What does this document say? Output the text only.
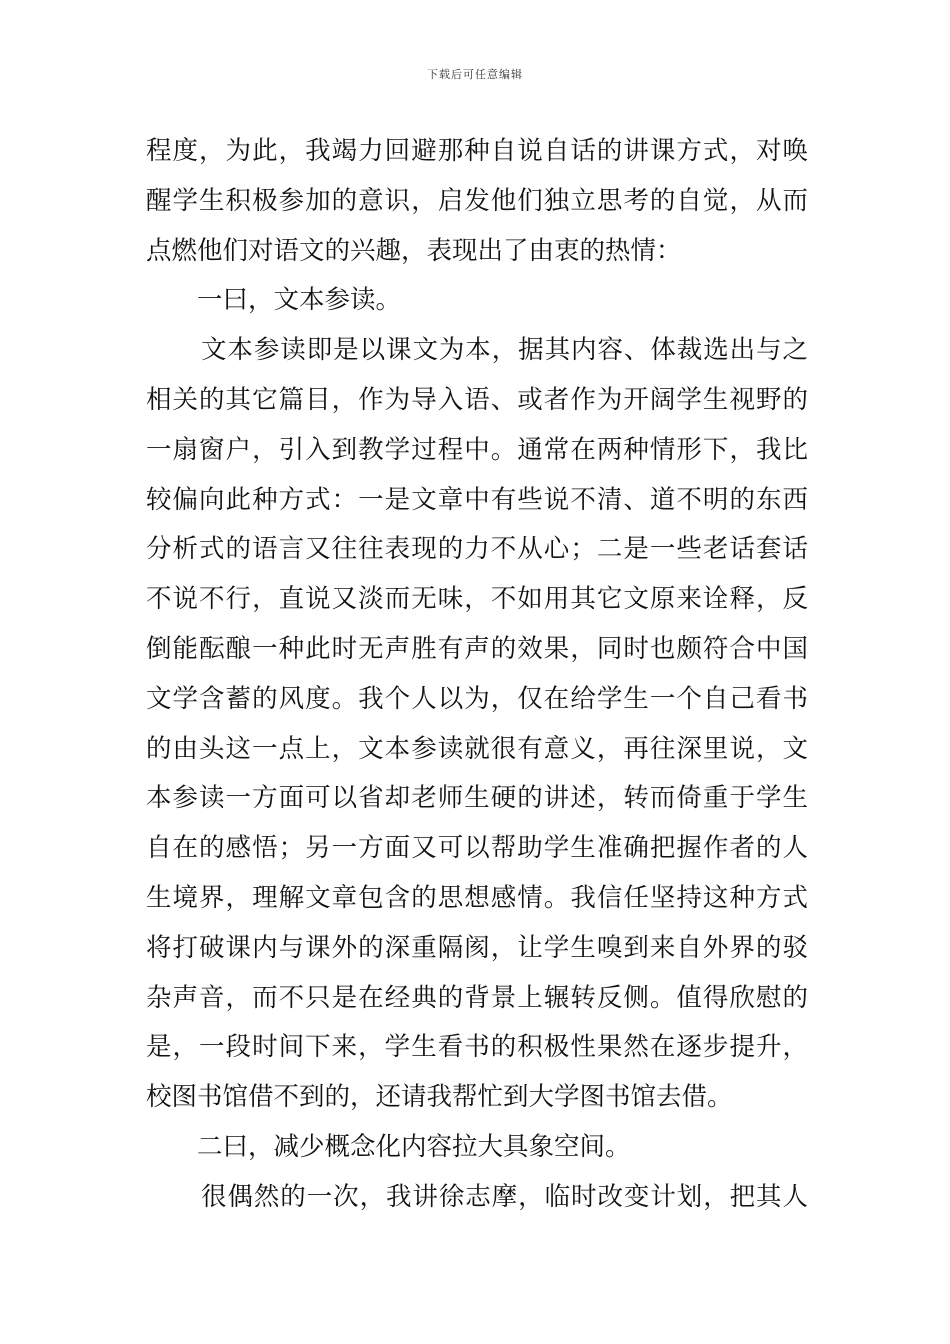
下载后可任意编辑
程度，为此，我竭力回避那种自说自话的讲课方式，对唤
醒学生积极参加的意识，启发他们独立思考的自觉，从而
点燃他们对语文的兴趣，表现出了由衷的热情：
一曰，文本参读。
文本参读即是以课文为本，据其内容、体裁选出与之
相关的其它篇目，作为导入语、或者作为开阔学生视野的
一扇窗户，引入到教学过程中。通常在两种情形下，我比
较偏向此种方式：一是文章中有些说不清、道不明的东西
分析式的语言又往往表现的力不从心；二是一些老话套话
不说不行，直说又淡而无味，不如用其它文原来诠释，反
倒能酝酿一种此时无声胜有声的效果，同时也颇符合中国
文学含蓄的风度。我个人以为，仅在给学生一个自己看书
的由头这一点上，文本参读就很有意义，再往深里说，文
本参读一方面可以省却老师生硬的讲述，转而倚重于学生
自在的感悟；另一方面又可以帮助学生准确把握作者的人
生境界，理解文章包含的思想感情。我信任坚持这种方式
将打破课内与课外的深重隔阂，让学生嗅到来自外界的驳
杂声音，而不只是在经典的背景上辗转反侧。值得欣慰的
是，一段时间下来，学生看书的积极性果然在逐步提升，
校图书馆借不到的，还请我帮忙到大学图书馆去借。
二曰，减少概念化内容拉大具象空间。
很偶然的一次，我讲徐志摩，临时改变计划，把其人
